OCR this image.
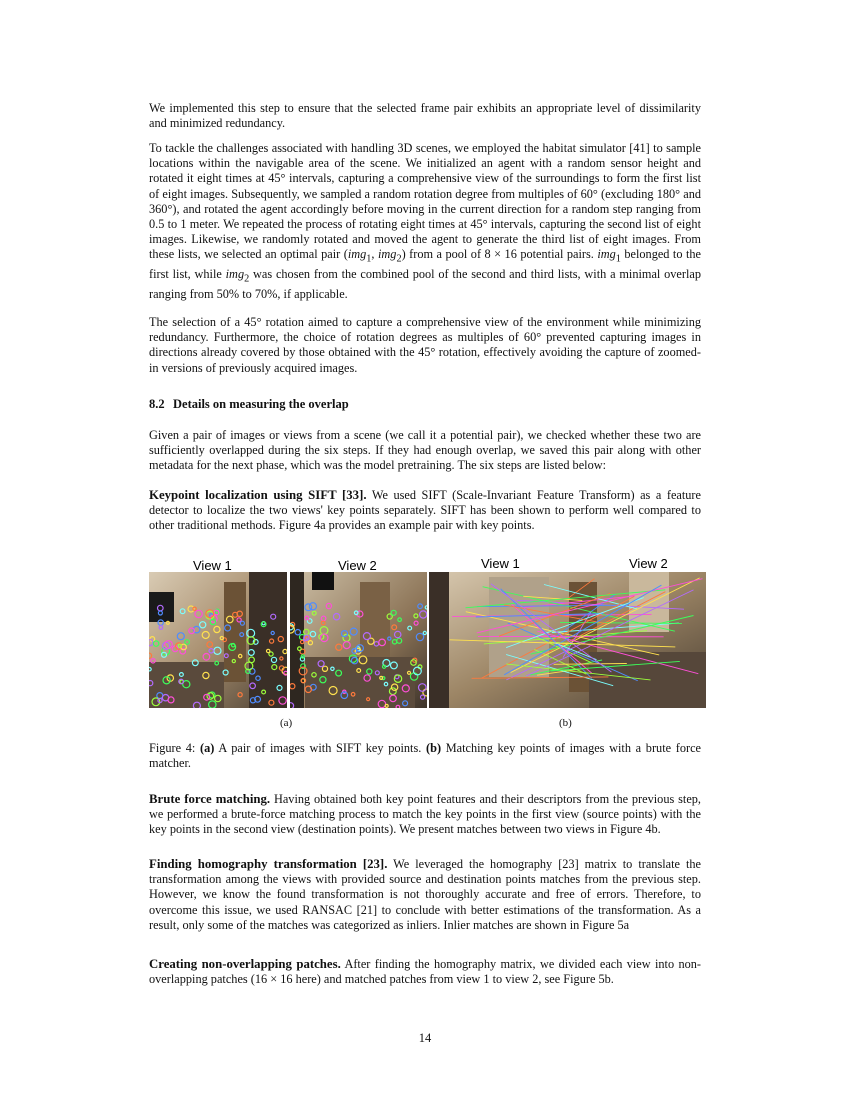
We implemented this step to ensure that the selected frame pair exhibits an appropriate level of dissimilarity and minimized redundancy.

To tackle the challenges associated with handling 3D scenes, we employed the habitat simulator [41] to sample locations within the navigable area of the scene. We initialized an agent with a random sensor height and rotated it eight times at 45° intervals, capturing a comprehensive view of the surroundings to form the first list of eight images. Subsequently, we sampled a random rotation degree from multiples of 60° (excluding 180° and 360°), and rotated the agent accordingly before moving in the current direction for a random step ranging from 0.5 to 1 meter. We repeated the process of rotating eight times at 45° intervals, capturing the second list of eight images. Likewise, we randomly rotated and moved the agent to generate the third list of eight images. From these lists, we selected an optimal pair (img$_1$, img$_2$) from a pool of 8 × 16 potential pairs. img$_1$ belonged to the first list, while img$_2$ was chosen from the combined pool of the second and third lists, with a minimal overlap ranging from 50% to 70%, if applicable.

The selection of a 45° rotation aimed to capture a comprehensive view of the environment while minimizing redundancy. Furthermore, the choice of rotation degrees as multiples of 60° prevented capturing images in directions already covered by those obtained with the 45° rotation, effectively avoiding the capture of zoomed-in versions of previously acquired images.

8.2 Details on measuring the overlap

Given a pair of images or views from a scene (we call it a potential pair), we checked whether these two are sufficiently overlapped during the six steps. If they had enough overlap, we saved this pair along with other metadata for the next phase, which was the model pretraining. The six steps are listed below:

Keypoint localization using SIFT [33]. We used SIFT (Scale-Invariant Feature Transform) as a feature detector to localize the two views' key points separately. SIFT has been shown to perform well compared to other traditional methods. Figure 4a provides an example pair with key points.

View 1	View 2	View 1	View 2
(a)	(b)

Figure 4: (a) A pair of images with SIFT key points. (b) Matching key points of images with a brute force matcher.

Brute force matching. Having obtained both key point features and their descriptors from the previous step, we performed a brute-force matching process to match the key points in the first view (source points) with the key points in the second view (destination points). We present matches between two views in Figure 4b.

Finding homography transformation [23]. We leveraged the homography [23] matrix to translate the transformation among the views with provided source and destination points matches from the previous step. However, we know the found transformation is not thoroughly accurate and free of errors. Therefore, to overcome this issue, we used RANSAC [21] to conclude with better estimations of the transformation. As a result, only some of the matches was categorized as inliers. Inlier matches are shown in Figure 5a

Creating non-overlapping patches. After finding the homography matrix, we divided each view into non-overlapping patches (16 × 16 here) and matched patches from view 1 to view 2, see Figure 5b.

14
